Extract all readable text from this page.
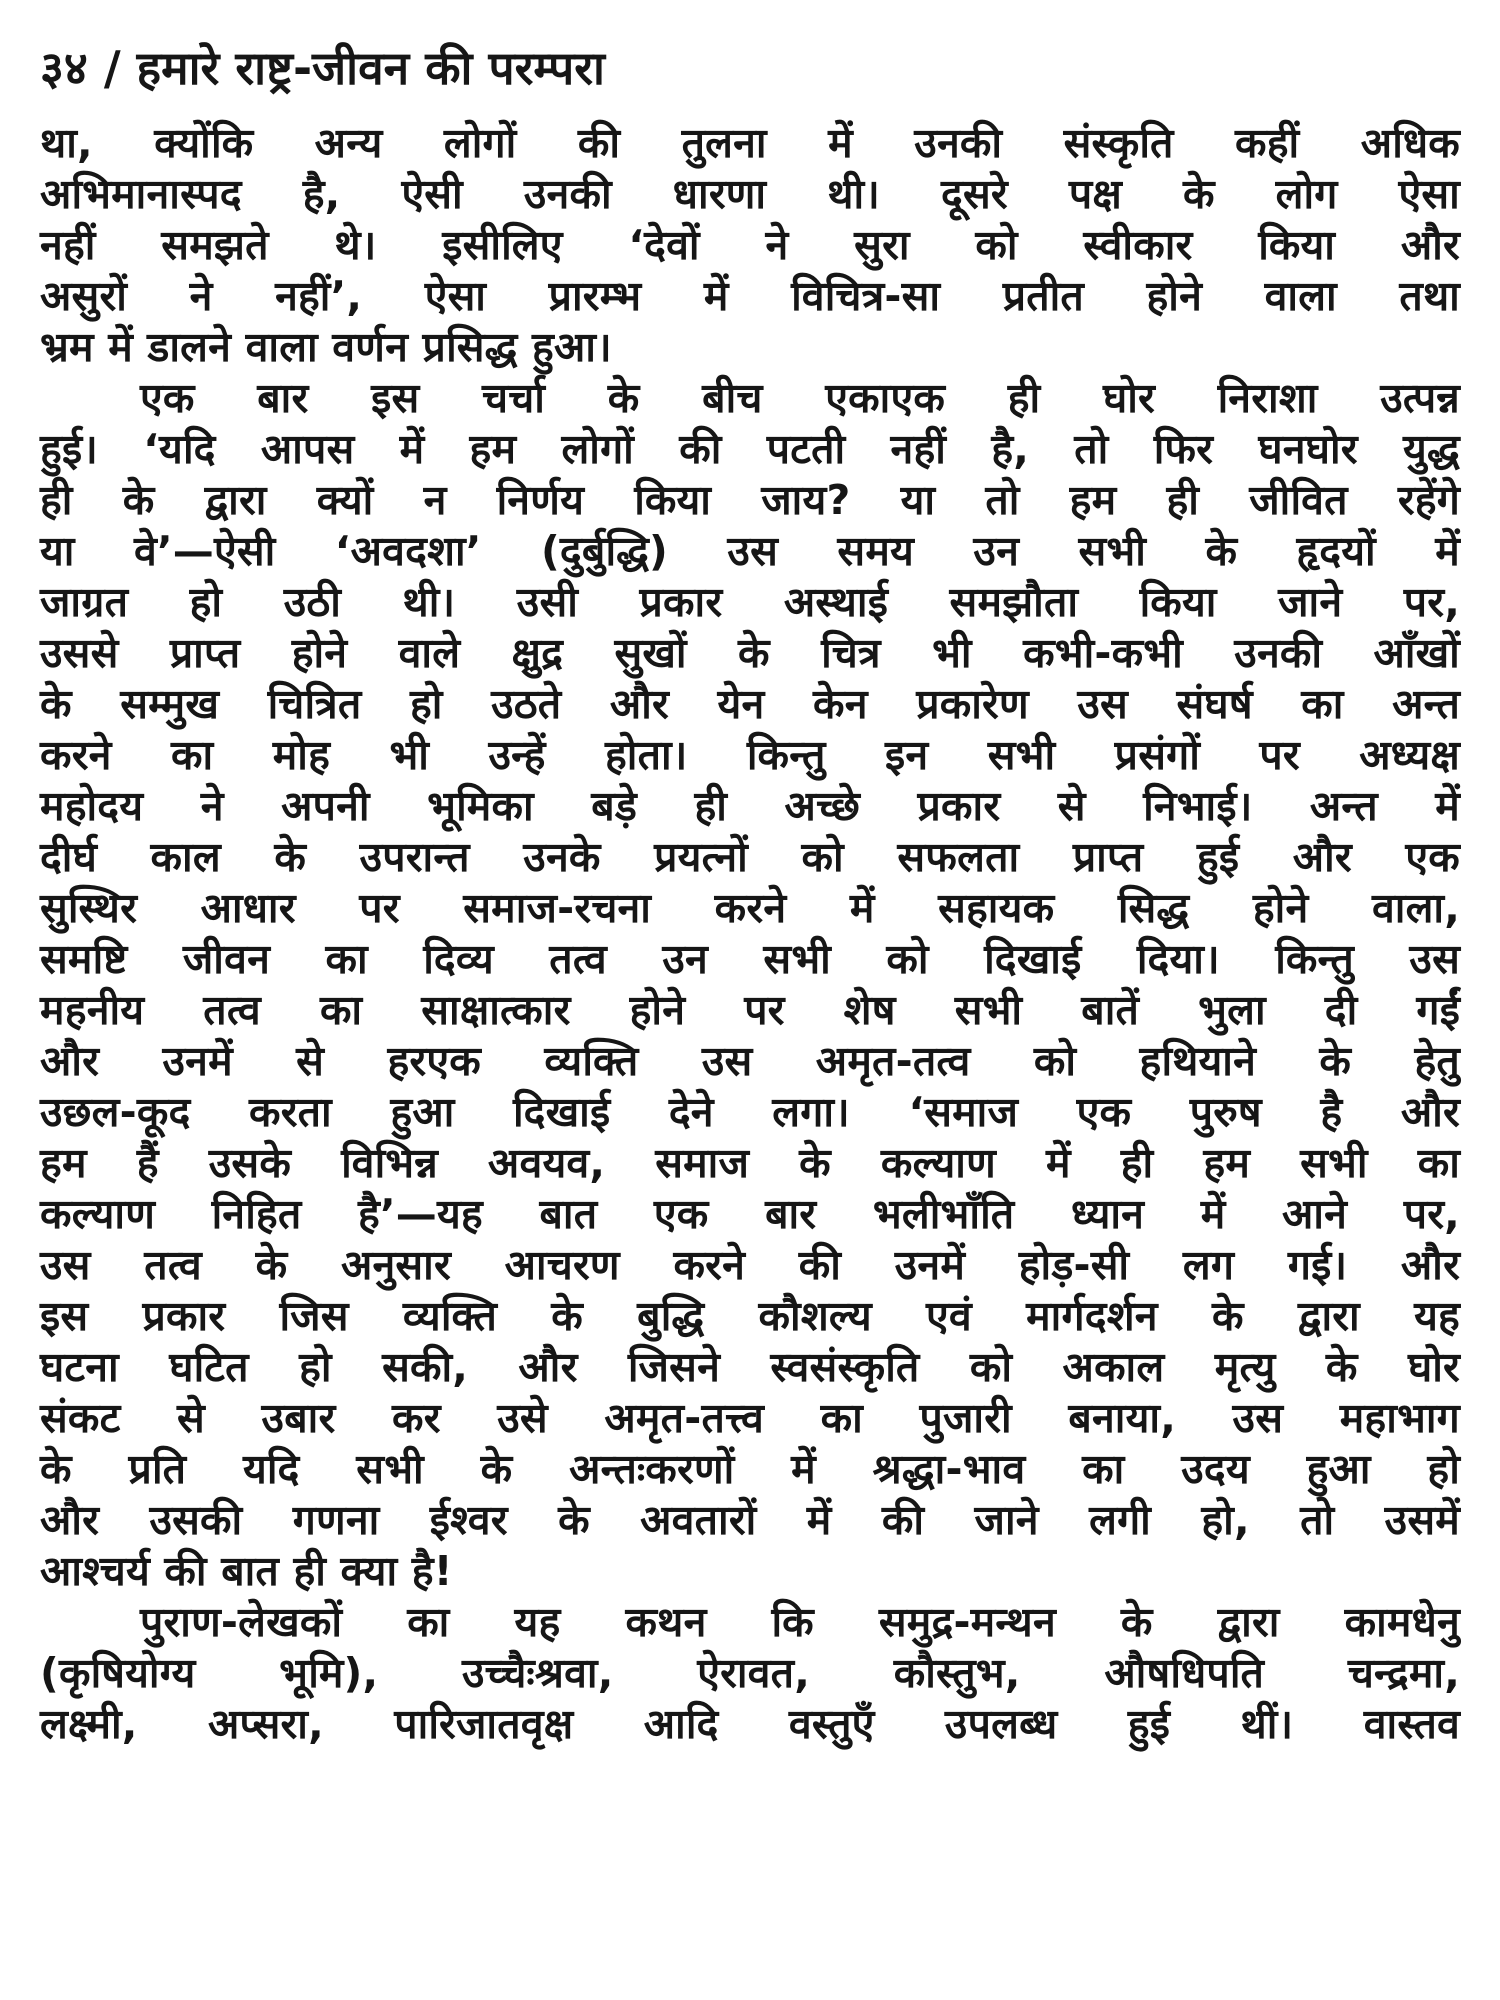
३४ / हमारे राष्ट्र-जीवन की परम्परा
था, क्योंकि अन्य लोगों की तुलना में उनकी संस्कृति कहीं अधिक
अभिमानास्पद है, ऐसी उनकी धारणा थी। दूसरे पक्ष के लोग ऐसा
नहीं समझते थे। इसीलिए ‘देवों ने सुरा को स्वीकार किया और
असुरों ने नहीं’, ऐसा प्रारम्भ में विचित्र-सा प्रतीत होने वाला तथा
भ्रम में डालने वाला वर्णन प्रसिद्ध हुआ।
एक बार इस चर्चा के बीच एकाएक ही घोर निराशा उत्पन्न
हुई। ‘यदि आपस में हम लोगों की पटती नहीं है, तो फिर घनघोर युद्ध
ही के द्वारा क्यों न निर्णय किया जाय? या तो हम ही जीवित रहेंगे
या वे’—ऐसी ‘अवदशा’ (दुर्बुद्धि) उस समय उन सभी के हृदयों में
जाग्रत हो उठी थी। उसी प्रकार अस्थाई समझौता किया जाने पर,
उससे प्राप्त होने वाले क्षुद्र सुखों के चित्र भी कभी-कभी उनकी आँखों
के सम्मुख चित्रित हो उठते और येन केन प्रकारेण उस संघर्ष का अन्त
करने का मोह भी उन्हें होता। किन्तु इन सभी प्रसंगों पर अध्यक्ष
महोदय ने अपनी भूमिका बड़े ही अच्छे प्रकार से निभाई। अन्त में
दीर्घ काल के उपरान्त उनके प्रयत्नों को सफलता प्राप्त हुई और एक
सुस्थिर आधार पर समाज-रचना करने में सहायक सिद्ध होने वाला,
समष्टि जीवन का दिव्य तत्व उन सभी को दिखाई दिया। किन्तु उस
महनीय तत्व का साक्षात्कार होने पर शेष सभी बातें भुला दी गईं
और उनमें से हरएक व्यक्ति उस अमृत-तत्व को हथियाने के हेतु
उछल-कूद करता हुआ दिखाई देने लगा। ‘समाज एक पुरुष है और
हम हैं उसके विभिन्न अवयव, समाज के कल्याण में ही हम सभी का
कल्याण निहित है’—यह बात एक बार भलीभाँति ध्यान में आने पर,
उस तत्व के अनुसार आचरण करने की उनमें होड़-सी लग गई। और
इस प्रकार जिस व्यक्ति के बुद्धि कौशल्य एवं मार्गदर्शन के द्वारा यह
घटना घटित हो सकी, और जिसने स्वसंस्कृति को अकाल मृत्यु के घोर
संकट से उबार कर उसे अमृत-तत्त्व का पुजारी बनाया, उस महाभाग
के प्रति यदि सभी के अन्तःकरणों में श्रद्धा-भाव का उदय हुआ हो
और उसकी गणना ईश्वर के अवतारों में की जाने लगी हो, तो उसमें
आश्चर्य की बात ही क्या है!
पुराण-लेखकों का यह कथन कि समुद्र-मन्थन के द्वारा कामधेनु
(कृषियोग्य भूमि), उच्चैःश्रवा, ऐरावत, कौस्तुभ, औषधिपति चन्द्रमा,
लक्ष्मी, अप्सरा, पारिजातवृक्ष आदि वस्तुएँ उपलब्ध हुई थीं। वास्तव
